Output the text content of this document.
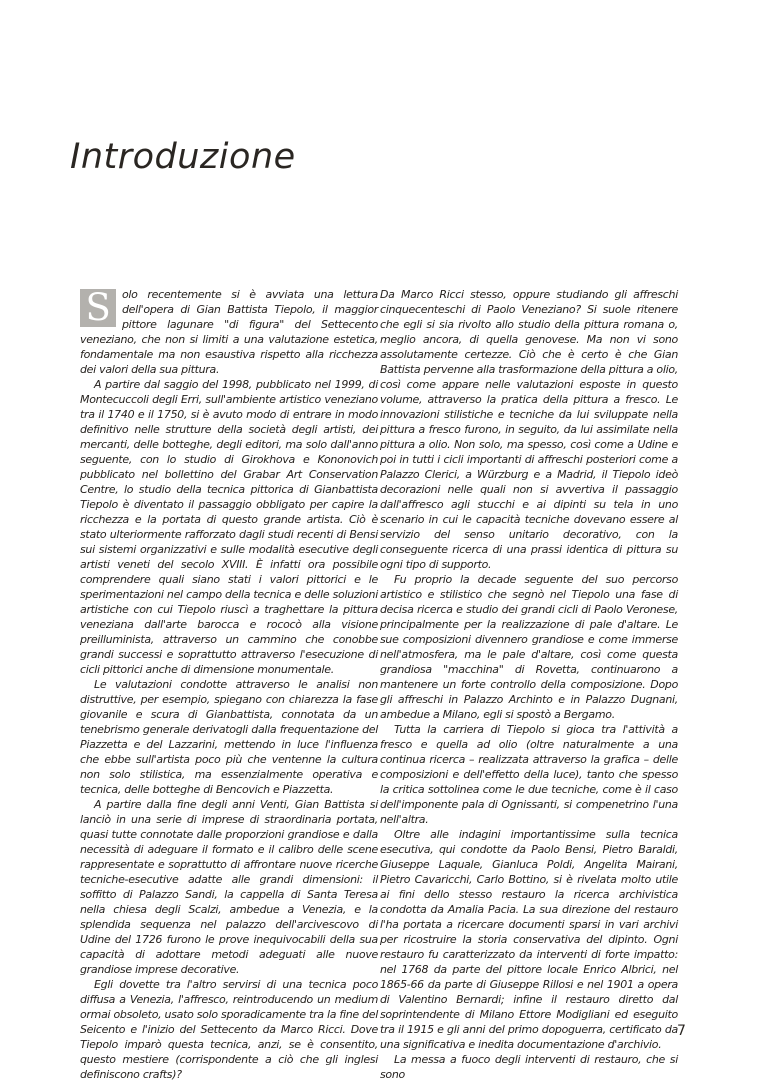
Introduzione

S	olo recentemente si è avviata una lettura dell'opera di Gian Battista Tiepolo, il maggior pittore lagunare "di figura" del Settecento veneziano, che non si limiti a una valutazione estetica, fondamentale ma non esaustiva rispetto alla ricchezza dei valori della sua pittura.

A partire dal saggio del 1998, pubblicato nel 1999, di Montecuccoli degli Erri, sull'ambiente artistico veneziano tra il 1740 e il 1750, si è avuto modo di entrare in modo definitivo nelle strutture della società degli artisti, dei mercanti, delle botteghe, degli editori, ma solo dall'anno seguente, con lo studio di Girokhova e Kononovich pubblicato nel bollettino del Grabar Art Conservation Centre, lo studio della tecnica pittorica di Gianbattista Tiepolo è diventato il passaggio obbligato per capire la ricchezza e la portata di questo grande artista. Ciò è stato ulteriormente rafforzato dagli studi recenti di Bensi sui sistemi organizzativi e sulle modalità esecutive degli artisti veneti del secolo XVIII. È infatti ora possibile comprendere quali siano stati i valori pittorici e le sperimentazioni nel campo della tecnica e delle soluzioni artistiche con cui Tiepolo riuscì a traghettare la pittura veneziana dall'arte barocca e rococò alla visione preilluminista, attraverso un cammino che conobbe grandi successi e soprattutto attraverso l'esecuzione di cicli pittorici anche di dimensione monumentale.

Le valutazioni condotte attraverso le analisi non distruttive, per esempio, spiegano con chiarezza la fase giovanile e scura di Gianbattista, connotata da un tenebrismo generale derivatogli dalla frequentazione del Piazzetta e del Lazzarini, mettendo in luce l'influenza che ebbe sull'artista poco più che ventenne la cultura non solo stilistica, ma essenzialmente operativa e tecnica, delle botteghe di Bencovich e Piazzetta.

A partire dalla fine degli anni Venti, Gian Battista si lanciò in una serie di imprese di straordinaria portata, quasi tutte connotate dalle proporzioni grandiose e dalla necessità di adeguare il formato e il calibro delle scene rappresentate e soprattutto di affrontare nuove ricerche tecniche-esecutive adatte alle grandi dimensioni: il soffitto di Palazzo Sandi, la cappella di Santa Teresa nella chiesa degli Scalzi, ambedue a Venezia, e la splendida sequenza nel palazzo dell'arcivescovo di Udine del 1726 furono le prove inequivocabili della sua capacità di adottare metodi adeguati alle nuove grandiose imprese decorative.

Egli dovette tra l'altro servirsi di una tecnica poco diffusa a Venezia, l'affresco, reintroducendo un medium ormai obsoleto, usato solo sporadicamente tra la fine del Seicento e l'inizio del Settecento da Marco Ricci. Dove Tiepolo imparò questa tecnica, anzi, se è consentito, questo mestiere (corrispondente a ciò che gli inglesi definiscono crafts)?

Da Marco Ricci stesso, oppure studiando gli affreschi cinquecenteschi di Paolo Veneziano? Si suole ritenere che egli si sia rivolto allo studio della pittura romana o, meglio ancora, di quella genovese. Ma non vi sono assolutamente certezze. Ciò che è certo è che Gian Battista pervenne alla trasformazione della pittura a olio, così come appare nelle valutazioni esposte in questo volume, attraverso la pratica della pittura a fresco. Le innovazioni stilistiche e tecniche da lui sviluppate nella pittura a fresco furono, in seguito, da lui assimilate nella pittura a olio. Non solo, ma spesso, così come a Udine e poi in tutti i cicli importanti di affreschi posteriori come a Palazzo Clerici, a Würzburg e a Madrid, il Tiepolo ideò decorazioni nelle quali non si avvertiva il passaggio dall'affresco agli stucchi e ai dipinti su tela in uno scenario in cui le capacità tecniche dovevano essere al servizio del senso unitario decorativo, con la conseguente ricerca di una prassi identica di pittura su ogni tipo di supporto.

Fu proprio la decade seguente del suo percorso artistico e stilistico che segnò nel Tiepolo una fase di decisa ricerca e studio dei grandi cicli di Paolo Veronese, principalmente per la realizzazione di pale d'altare. Le sue composizioni divennero grandiose e come immerse nell'atmosfera, ma le pale d'altare, così come questa grandiosa "macchina" di Rovetta, continuarono a mantenere un forte controllo della composizione. Dopo gli affreschi in Palazzo Archinto e in Palazzo Dugnani, ambedue a Milano, egli si spostò a Bergamo.

Tutta la carriera di Tiepolo si gioca tra l'attività a fresco e quella ad olio (oltre naturalmente a una continua ricerca – realizzata attraverso la grafica – delle composizioni e dell'effetto della luce), tanto che spesso la critica sottolinea come le due tecniche, come è il caso dell'imponente pala di Ognissanti, si compenetrino l'una nell'altra.

Oltre alle indagini importantissime sulla tecnica esecutiva, qui condotte da Paolo Bensi, Pietro Baraldi, Giuseppe Laquale, Gianluca Poldi, Angelita Mairani, Pietro Cavaricchi, Carlo Bottino, si è rivelata molto utile ai fini dello stesso restauro la ricerca archivistica condotta da Amalia Pacia. La sua direzione del restauro l'ha portata a ricercare documenti sparsi in vari archivi per ricostruire la storia conservativa del dipinto. Ogni restauro fu caratterizzato da interventi di forte impatto: nel 1768 da parte del pittore locale Enrico Albrici, nel 1865-66 da parte di Giuseppe Rillosi e nel 1901 a opera di Valentino Bernardi; infine il restauro diretto dal soprintendente di Milano Ettore Modigliani ed eseguito tra il 1915 e gli anni del primo dopoguerra, certificato da una significativa e inedita documentazione d'archivio.

La messa a fuoco degli interventi di restauro, che si sono

7
